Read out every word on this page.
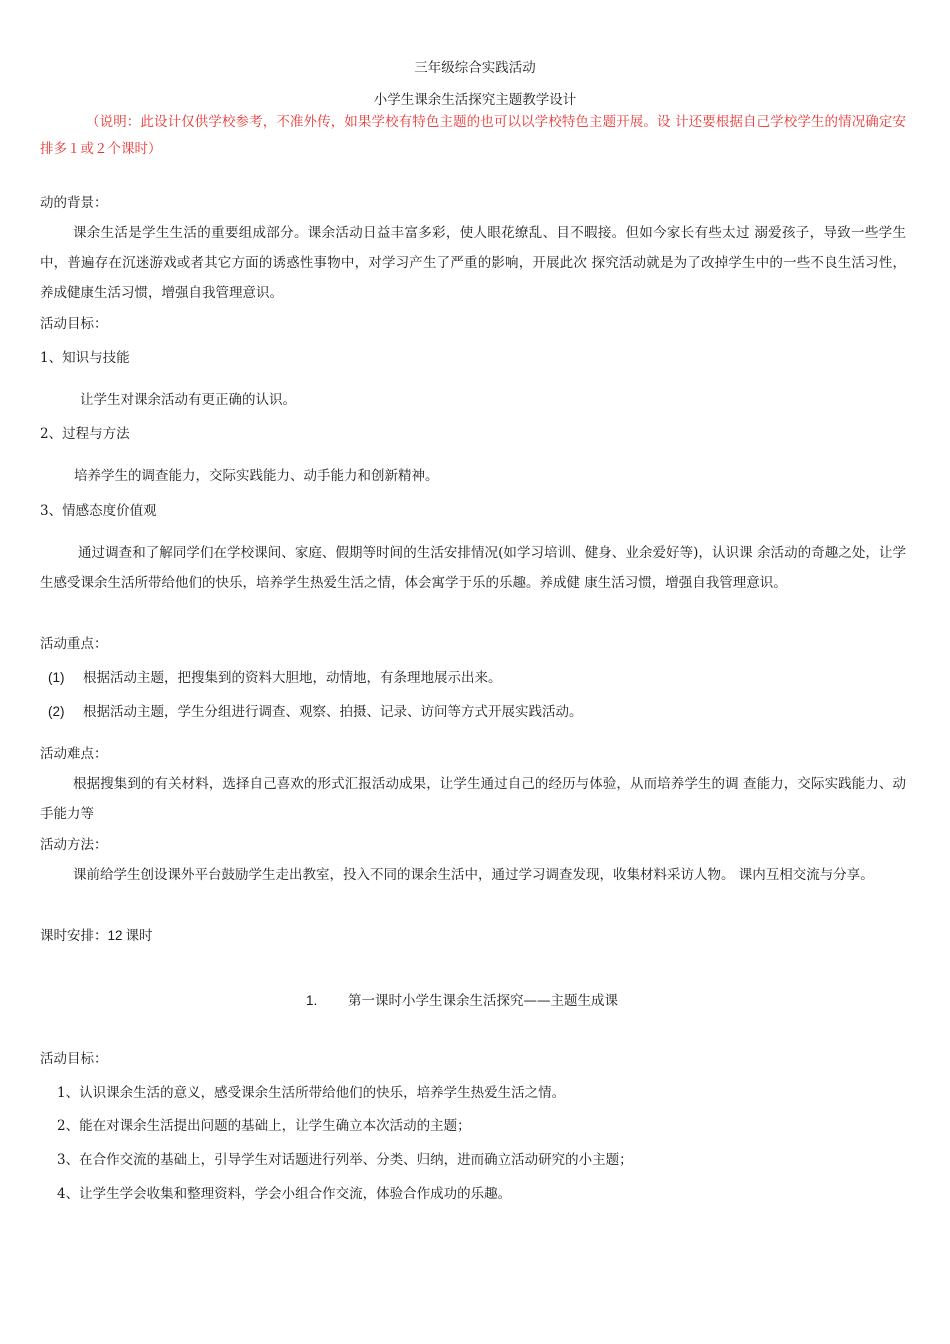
三年级综合实践活动
小学生课余生活探究主题教学设计
（说明：此设计仅供学校参考，不准外传，如果学校有特色主题的也可以以学校特色主题开展。设 计还要根据自己学校学生的情况确定安排多１或２个课时）
动的背景：
课余生活是学生生活的重要组成部分。课余活动日益丰富多彩，使人眼花缭乱、目不暇接。但如今家长有些太过 溺爱孩子，导致一些学生中，普遍存在沉迷游戏或者其它方面的诱惑性事物中，对学习产生了严重的影响，开展此次 探究活动就是为了改掉学生中的一些不良生活习性，养成健康生活习惯，增强自我管理意识。
活动目标：
1、知识与技能
让学生对课余活动有更正确的认识。
2、过程与方法
培养学生的调查能力，交际实践能力、动手能力和创新精神。
3、情感态度价值观
通过调查和了解同学们在学校课间、家庭、假期等时间的生活安排情况(如学习培训、健身、业余爱好等)，认识课 余活动的奇趣之处，让学生感受课余生活所带给他们的快乐，培养学生热爱生活之情，体会寓学于乐的乐趣。养成健 康生活习惯，增强自我管理意识。
活动重点：
(1) 根据活动主题，把搜集到的资料大胆地，动情地，有条理地展示出来。
(2) 根据活动主题，学生分组进行调查、观察、拍摄、记录、访问等方式开展实践活动。
活动难点：
根据搜集到的有关材料，选择自己喜欢的形式汇报活动成果，让学生通过自己的经历与体验，从而培养学生的调 查能力，交际实践能力、动手能力等
活动方法：
课前给学生创设课外平台鼓励学生走出教室，投入不同的课余生活中，通过学习调查发现，收集材料采访人物。 课内互相交流与分享。
课时安排：12 课时
1. 第一课时小学生课余生活探究——主题生成课
活动目标：
1、认识课余生活的意义，感受课余生活所带给他们的快乐，培养学生热爱生活之情。
2、能在对课余生活提出问题的基础上，让学生确立本次活动的主题；
3、在合作交流的基础上，引导学生对话题进行列举、分类、归纳，进而确立活动研究的小主题；
4、让学生学会收集和整理资料，学会小组合作交流，体验合作成功的乐趣。
